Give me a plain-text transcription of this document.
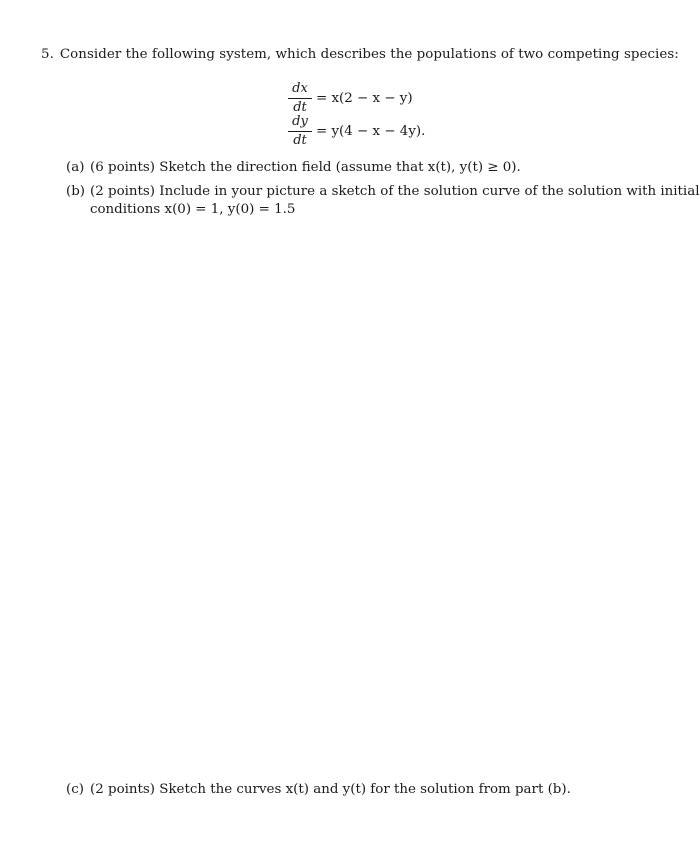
5. Consider the following system, which describes the populations of two competing species:
$\frac{dx}{dt} = x(2 - x - y)$
$\frac{dy}{dt} = y(4 - x - 4y)$.
(a) (6 points) Sketch the direction field (assume that x(t), y(t) ≥ 0).
(b) (2 points) Include in your picture a sketch of the solution curve of the solution with initial
conditions x(0) = 1, y(0) = 1.5
(c) (2 points) Sketch the curves x(t) and y(t) for the solution from part (b).
